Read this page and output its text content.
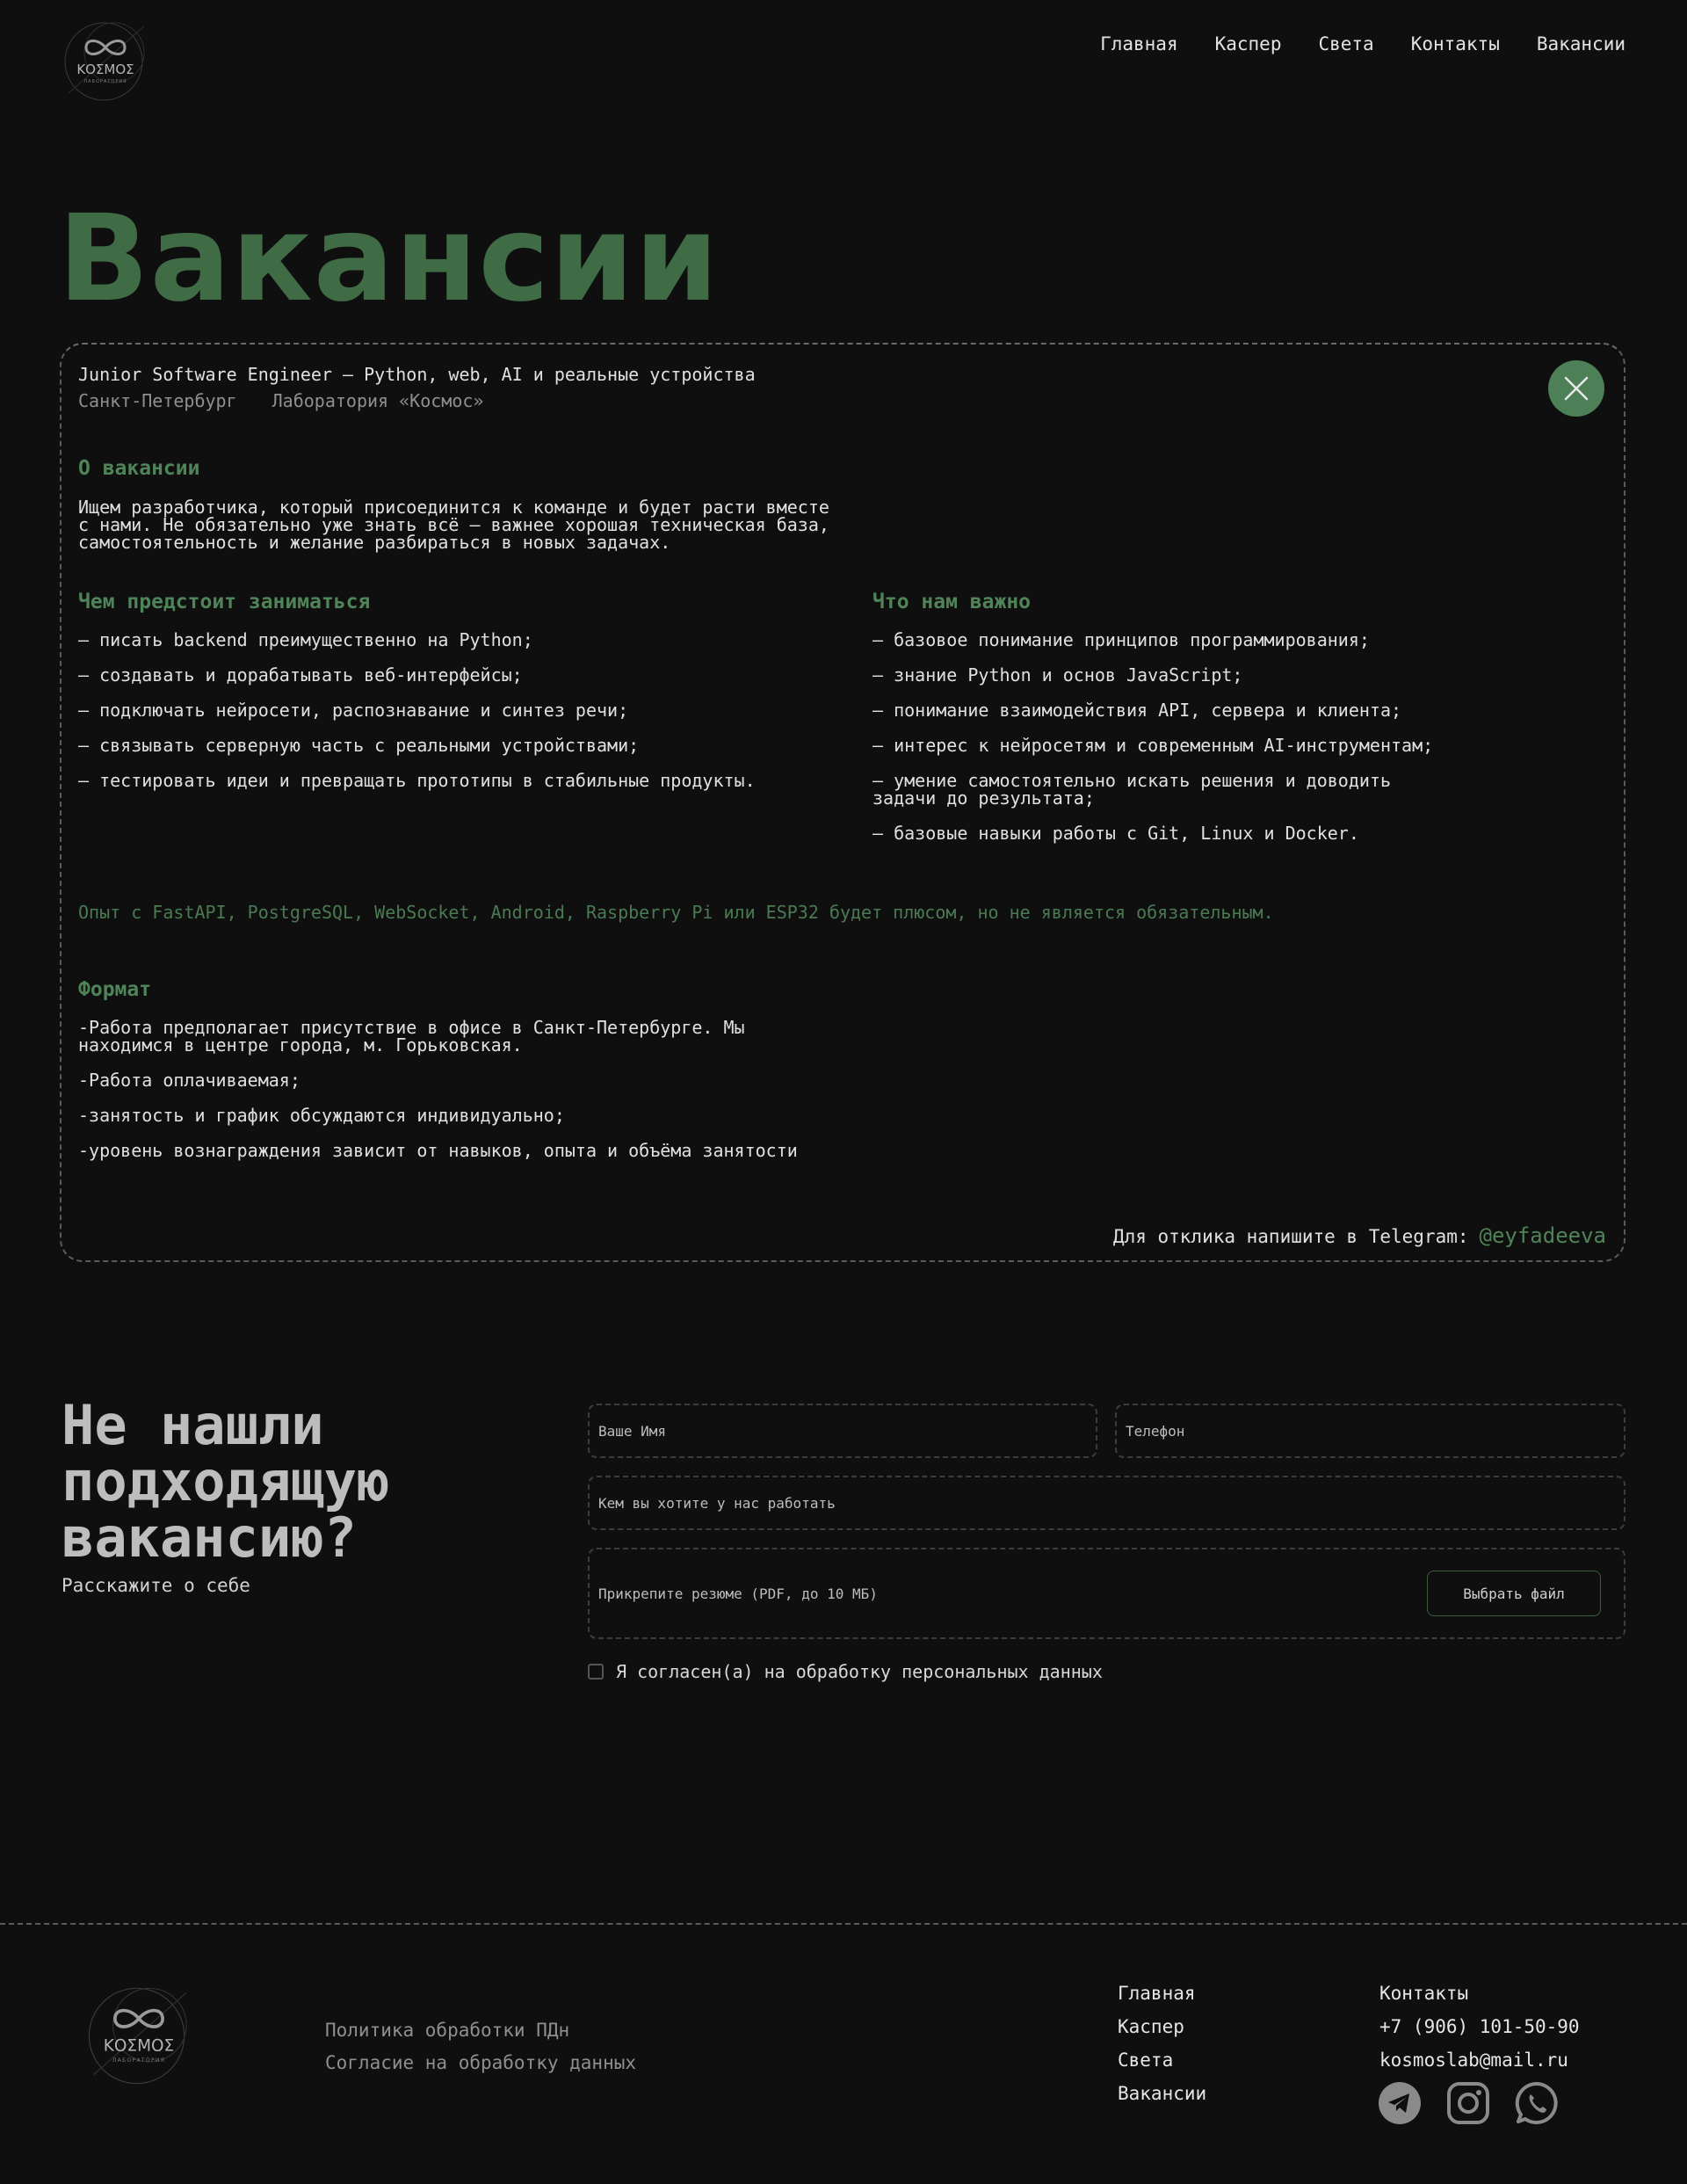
ΚΟΣΜΟΣ
ЛАБОРАТОРИЯ
Главная Каспер Света Контакты Вакансии
Вакансии
Junior Software Engineer — Python, web, AI и реальные устройства
Санкт-Петербург Лаборатория «Космос»
О вакансии

Ищем разработчика, который присоединится к команде и будет расти вместе
с нами. Не обязательно уже знать всё — важнее хорошая техническая база,
самостоятельность и желание разбираться в новых задачах.

Чем предстоит заниматься
— писать backend преимущественно на Python;
— создавать и дорабатывать веб-интерфейсы;
— подключать нейросети, распознавание и синтез речи;
— связывать серверную часть с реальными устройствами;
— тестировать идеи и превращать прототипы в стабильные продукты.
Что нам важно
— базовое понимание принципов программирования;
— знание Python и основ JavaScript;
— понимание взаимодействия API, сервера и клиента;
— интерес к нейросетям и современным AI-инструментам;
— умение самостоятельно искать решения и доводить
задачи до результата;
— базовые навыки работы с Git, Linux и Docker.
Опыт с FastAPI, PostgreSQL, WebSocket, Android, Raspberry Pi или ESP32 будет плюсом, но не является обязательным.
Формат
-Работа предполагает присутствие в офисе в Санкт-Петербурге. Мы
находимся в центре города, м. Горьковская.
-Работа оплачиваемая;
-занятость и график обсуждаются индивидуально;
-уровень вознаграждения зависит от навыков, опыта и объёма занятости
Для отклика напишите в Telegram: @eyfadeeva
Не нашли
подходящую
вакансию?
Расскажите о себе
Ваше Имя
Телефон
Кем вы хотите у нас работать	Прикрепите резюме (PDF, до 10 МБ)	Выбрать файл
Я согласен(а) на обработку персональных данных
ΚΟΣΜΟΣ
ЛАБОРАТОРИЯ
Политика обработки ПДн
Согласие на обработку данных
Главная
Каспер
Света
Вакансии
Контакты
+7 (906) 101-50-90
kosmoslab@mail.ru
